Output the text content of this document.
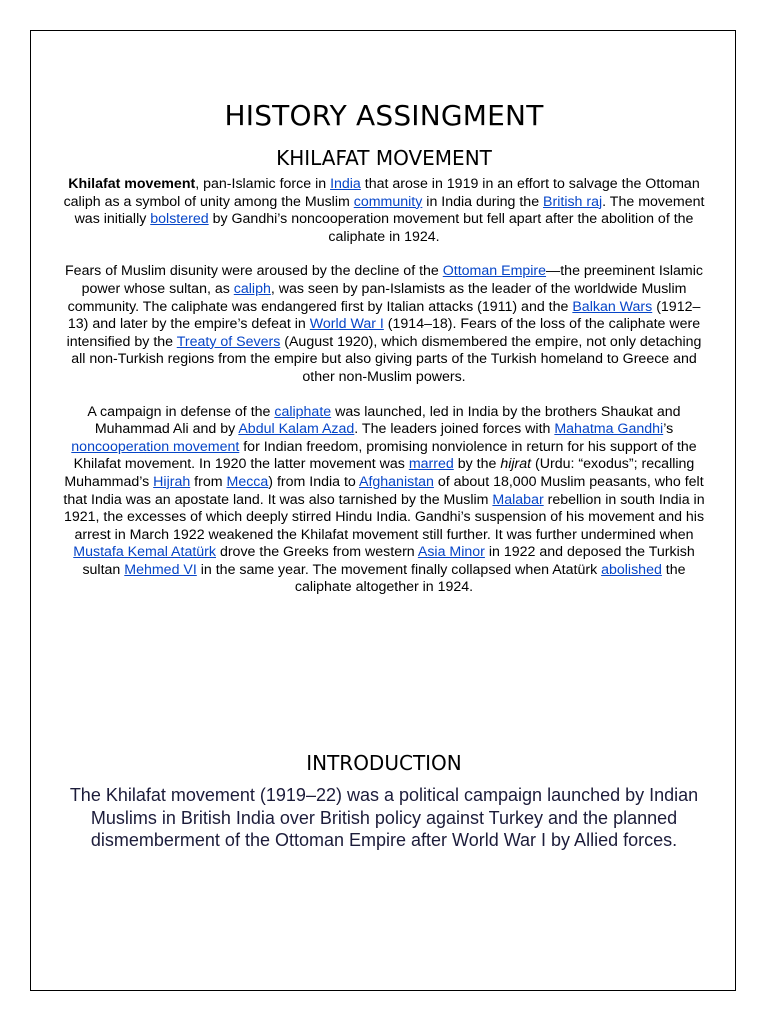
HISTORY ASSINGMENT
KHILAFAT MOVEMENT

Khilafat movement, pan-Islamic force in India that arose in 1919 in an effort to salvage the Ottoman caliph as a symbol of unity among the Muslim community in India during the British raj. The movement was initially bolstered by Gandhi’s noncooperation movement but fell apart after the abolition of the caliphate in 1924.

Fears of Muslim disunity were aroused by the decline of the Ottoman Empire—the preeminent Islamic power whose sultan, as caliph, was seen by pan-Islamists as the leader of the worldwide Muslim community. The caliphate was endangered first by Italian attacks (1911) and the Balkan Wars (1912–13) and later by the empire’s defeat in World War I (1914–18). Fears of the loss of the caliphate were intensified by the Treaty of Severs (August 1920), which dismembered the empire, not only detaching all non-Turkish regions from the empire but also giving parts of the Turkish homeland to Greece and other non-Muslim powers.

A campaign in defense of the caliphate was launched, led in India by the brothers Shaukat and Muhammad Ali and by Abdul Kalam Azad. The leaders joined forces with Mahatma Gandhi’s noncooperation movement for Indian freedom, promising nonviolence in return for his support of the Khilafat movement. In 1920 the latter movement was marred by the hijrat (Urdu: “exodus”; recalling Muhammad’s Hijrah from Mecca) from India to Afghanistan of about 18,000 Muslim peasants, who felt that India was an apostate land. It was also tarnished by the Muslim Malabar rebellion in south India in 1921, the excesses of which deeply stirred Hindu India. Gandhi’s suspension of his movement and his arrest in March 1922 weakened the Khilafat movement still further. It was further undermined when Mustafa Kemal Atatürk drove the Greeks from western Asia Minor in 1922 and deposed the Turkish sultan Mehmed VI in the same year. The movement finally collapsed when Atatürk abolished the caliphate altogether in 1924.

INTRODUCTION

The Khilafat movement (1919–22) was a political campaign launched by Indian Muslims in British India over British policy against Turkey and the planned dismemberment of the Ottoman Empire after World War I by Allied forces.
